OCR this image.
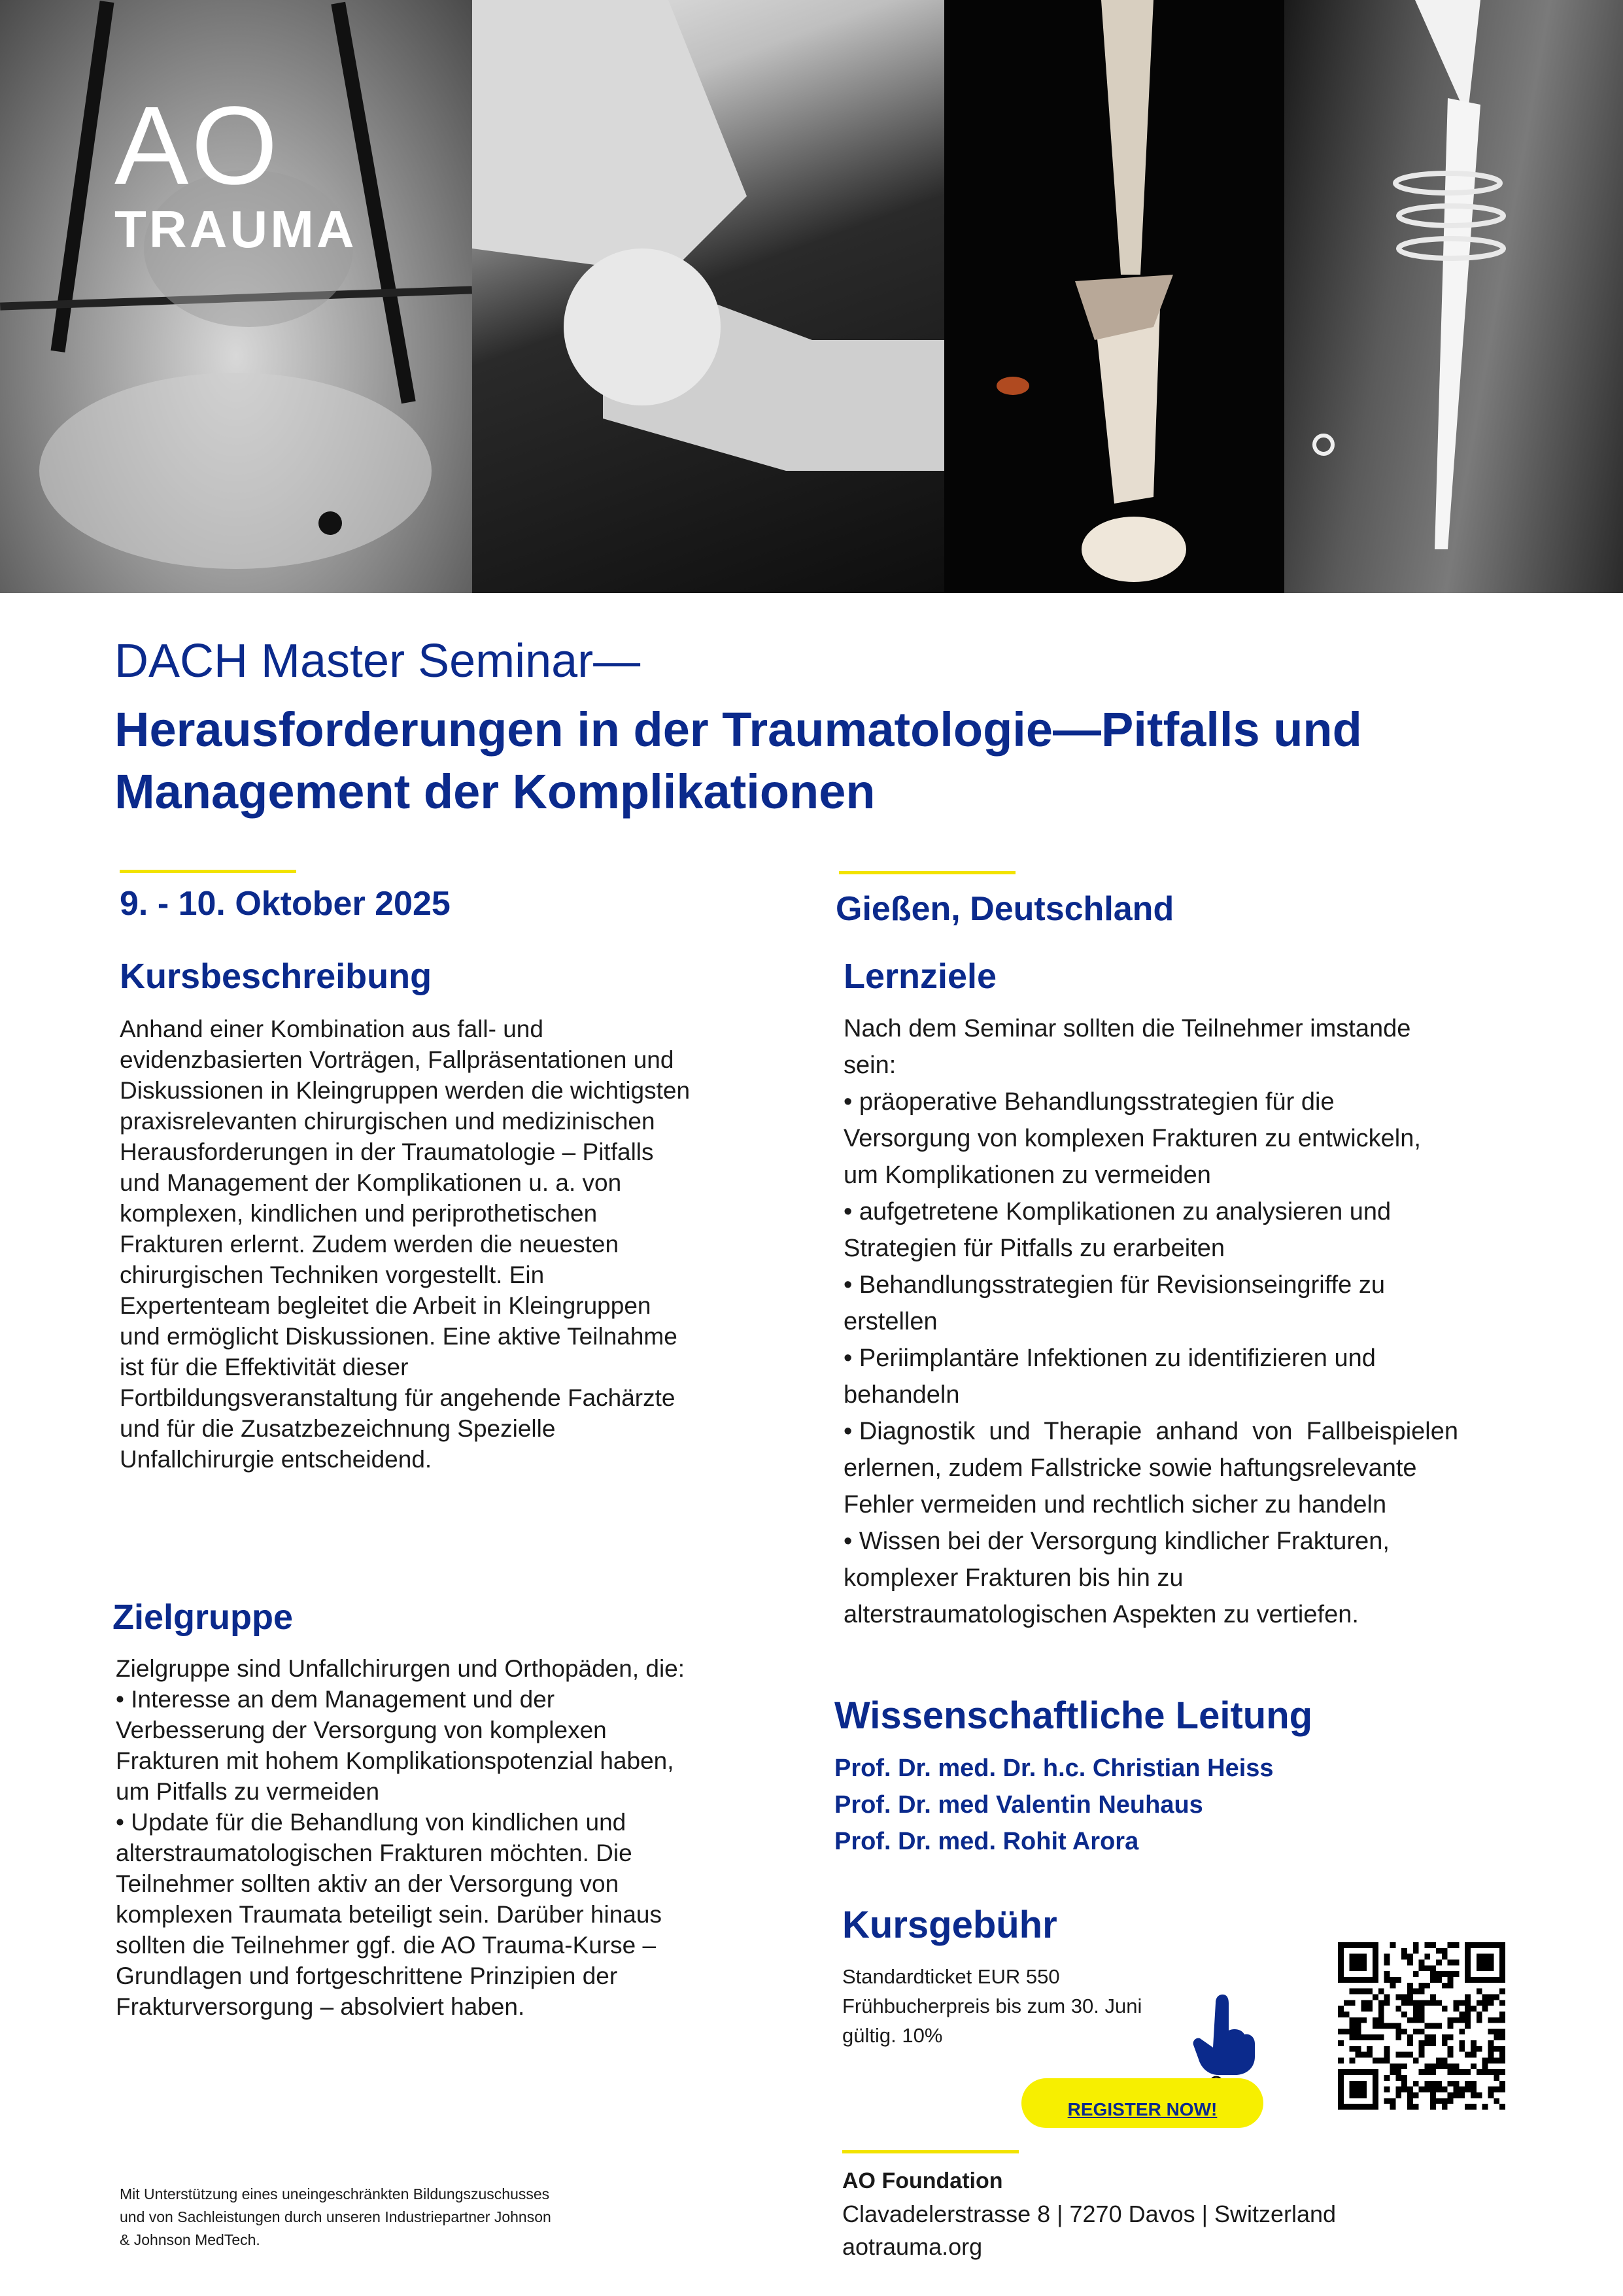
AO
TRAUMA
DACH Master Seminar—
Herausforderungen in der Traumatologie—Pitfalls und Management der Komplikationen
9. - 10. Oktober 2025	Gießen, Deutschland
Kursbeschreibung
Anhand einer Kombination aus fall- und
evidenzbasierten Vorträgen, Fallpräsentationen und
Diskussionen in Kleingruppen werden die wichtigsten
praxisrelevanten chirurgischen und medizinischen
Herausforderungen in der Traumatologie – Pitfalls
und Management der Komplikationen u. a. von
komplexen, kindlichen und periprothetischen
Frakturen erlernt. Zudem werden die neuesten
chirurgischen Techniken vorgestellt. Ein
Expertenteam begleitet die Arbeit in Kleingruppen
und ermöglicht Diskussionen. Eine aktive Teilnahme
ist für die Effektivität dieser
Fortbildungsveranstaltung für angehende Fachärzte
und für die Zusatzbezeichnung Spezielle
Unfallchirurgie entscheidend.
Zielgruppe
Zielgruppe sind Unfallchirurgen und Orthopäden, die:
• Interesse an dem Management und der
Verbesserung der Versorgung von komplexen
Frakturen mit hohem Komplikationspotenzial haben,
um Pitfalls zu vermeiden
• Update für die Behandlung von kindlichen und
alterstraumatologischen Frakturen möchten. Die
Teilnehmer sollten aktiv an der Versorgung von
komplexen Traumata beteiligt sein. Darüber hinaus
sollten die Teilnehmer ggf. die AO Trauma-Kurse –
Grundlagen und fortgeschrittene Prinzipien der
Frakturversorgung – absolviert haben.
Lernziele
Nach dem Seminar sollten die Teilnehmer imstande
sein:
• präoperative Behandlungsstrategien für die
Versorgung von komplexen Frakturen zu entwickeln,
um Komplikationen zu vermeiden
• aufgetretene Komplikationen zu analysieren und
Strategien für Pitfalls zu erarbeiten
• Behandlungsstrategien für Revisionseingriffe zu
erstellen
• Periimplantäre Infektionen zu identifizieren und
behandeln
• Diagnostik  und  Therapie  anhand  von  Fallbeispielen
erlernen, zudem Fallstricke sowie haftungsrelevante
Fehler vermeiden und rechtlich sicher zu handeln
• Wissen bei der Versorgung kindlicher Frakturen,
komplexer Frakturen bis hin zu
alterstraumatologischen Aspekten zu vertiefen.
Wissenschaftliche Leitung
Prof. Dr. med. Dr. h.c. Christian Heiss
Prof. Dr. med Valentin Neuhaus
Prof. Dr. med. Rohit Arora
Kursgebühr
Standardticket EUR 550
Frühbucherpreis bis zum 30. Juni
gültig. 10%
REGISTER NOW!
Mit Unterstützung eines uneingeschränkten Bildungszuschusses
und von Sachleistungen durch unseren Industriepartner Johnson
& Johnson MedTech.
AO Foundation
Clavadelerstrasse 8 | 7270 Davos | Switzerland
aotrauma.org
